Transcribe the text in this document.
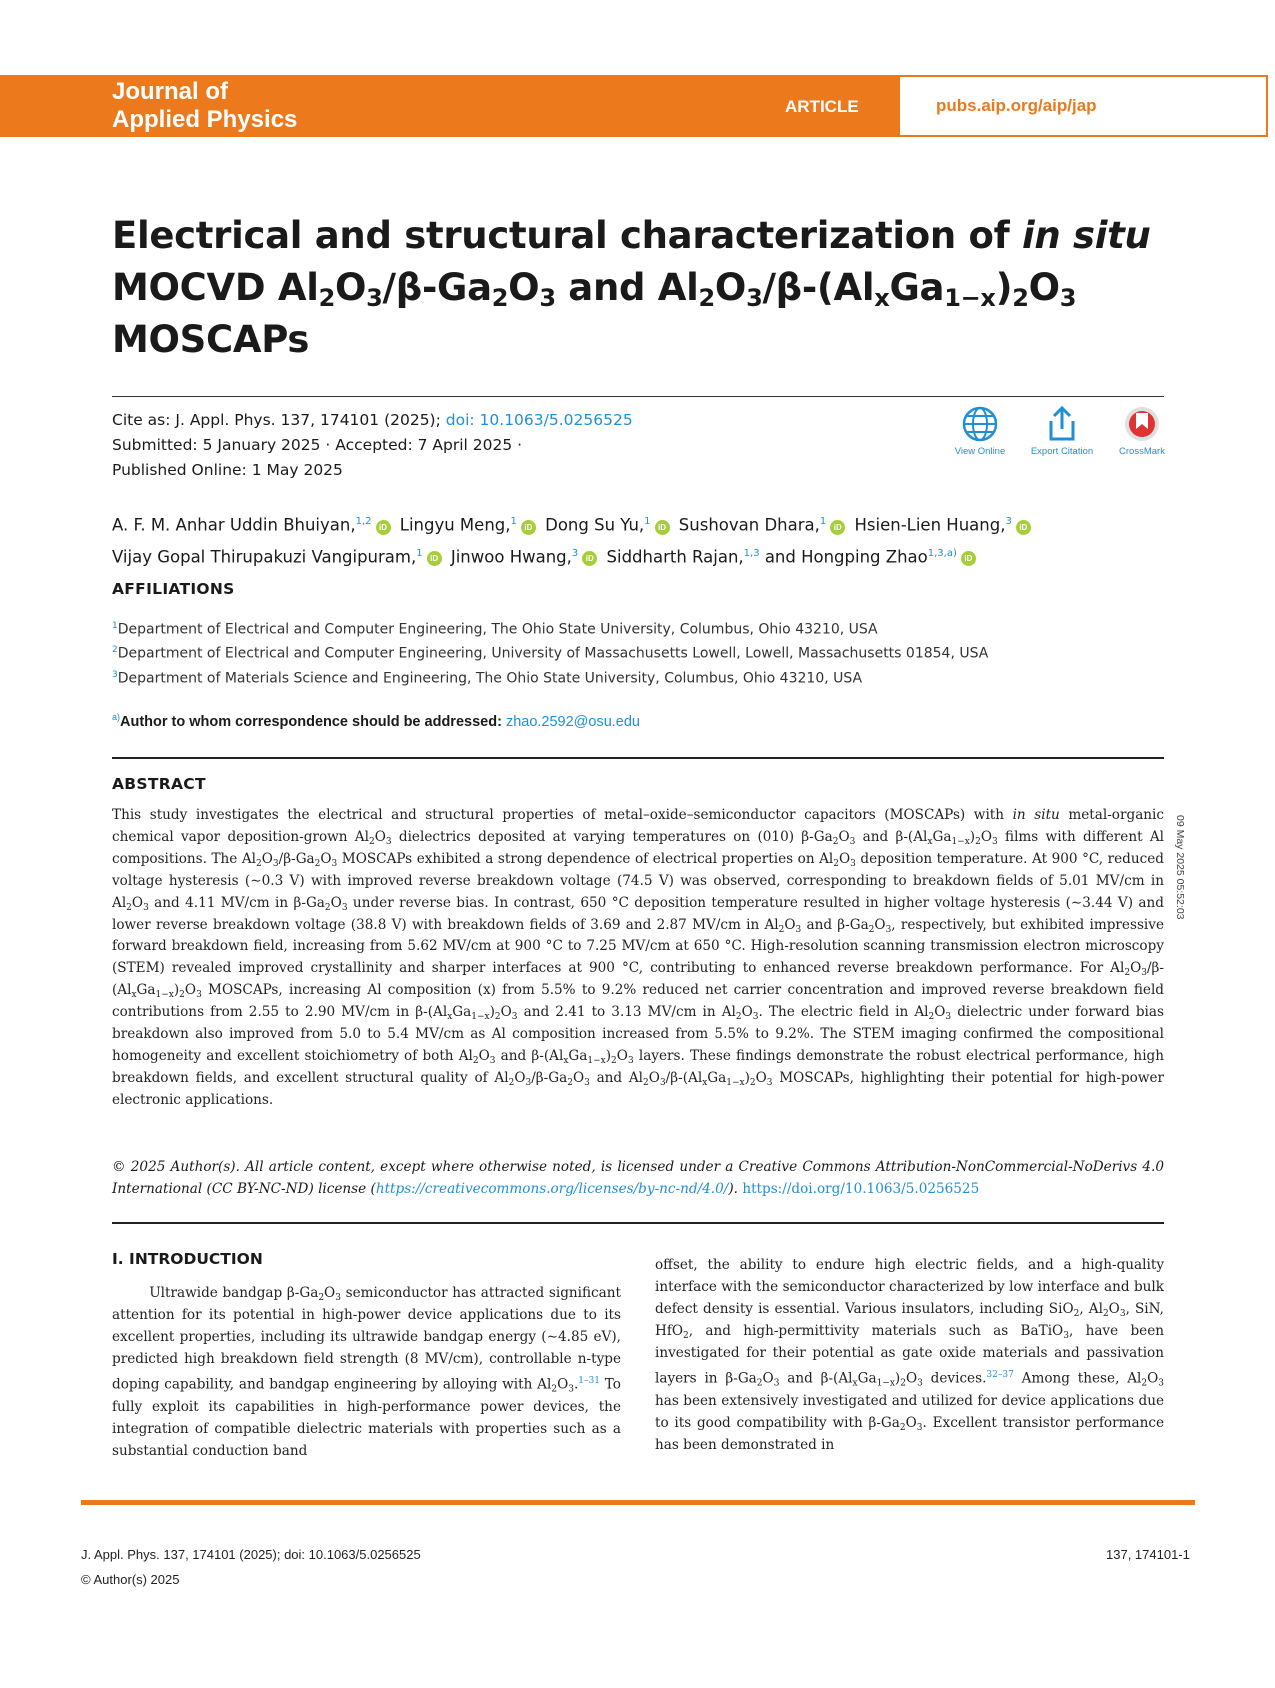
Journal of
Applied Physics	ARTICLE	pubs.aip.org/aip/jap
Electrical and structural characterization of in situ
MOCVD $Al_2O_3/\beta-Ga_2O_3$ and $Al_2O_3/\beta-(Al_xGa_{1-x})_2O_3$
MOSCAPs
Cite as: J. Appl. Phys. 137, 174101 (2025); doi: 10.1063/5.0256525
Submitted: 5 January 2025 · Accepted: 7 April 2025 ·
Published Online: 1 May 2025
View Online	Export Citation	CrossMark
A. F. M. Anhar Uddin Bhuiyan,$^{1,2}$ iD Lingyu Meng,$^1$ iD Dong Su Yu,$^1$ iD Sushovan Dhara,$^1$ iD Hsien-Lien Huang,$^3$ iD
Vijay Gopal Thirupakuzi Vangipuram,$^1$ iD Jinwoo Hwang,$^3$ iD Siddharth Rajan,$^{1,3}$ and Hongping Zhao$^{1,3,a)}$ iD
AFFILIATIONS
$^1$Department of Electrical and Computer Engineering, The Ohio State University, Columbus, Ohio 43210, USA
$^2$Department of Electrical and Computer Engineering, University of Massachusetts Lowell, Lowell, Massachusetts 01854, USA
$^3$Department of Materials Science and Engineering, The Ohio State University, Columbus, Ohio 43210, USA
$^{a)}$Author to whom correspondence should be addressed: zhao.2592@osu.edu
ABSTRACT
This study investigates the electrical and structural properties of metal–oxide–semiconductor capacitors (MOSCAPs) with in situ metal-organic chemical vapor deposition-grown $Al_2O_3$ dielectrics deposited at varying temperatures on (010) $\beta-Ga_2O_3$ and $\beta-(Al_xGa_{1-x})_2O_3$ films with different Al compositions. The $Al_2O_3/\beta-Ga_2O_3$ MOSCAPs exhibited a strong dependence of electrical properties on $Al_2O_3$ deposition temperature. At 900 °C, reduced voltage hysteresis (∼0.3 V) with improved reverse breakdown voltage (74.5 V) was observed, corresponding to breakdown fields of 5.01 MV/cm in $Al_2O_3$ and 4.11 MV/cm in $\beta-Ga_2O_3$ under reverse bias. In contrast, 650 °C deposition temperature resulted in higher voltage hysteresis (∼3.44 V) and lower reverse breakdown voltage (38.8 V) with breakdown fields of 3.69 and 2.87 MV/cm in $Al_2O_3$ and $\beta-Ga_2O_3$, respectively, but exhibited impressive forward breakdown field, increasing from 5.62 MV/cm at 900 °C to 7.25 MV/cm at 650 °C. High-resolution scanning transmission electron microscopy (STEM) revealed improved crystallinity and sharper interfaces at 900 °C, contributing to enhanced reverse breakdown performance. For $Al_2O_3/\beta-(Al_xGa_{1-x})_2O_3$ MOSCAPs, increasing Al composition (x) from 5.5% to 9.2% reduced net carrier concentration and improved reverse breakdown field contributions from 2.55 to 2.90 MV/cm in $\beta-(Al_xGa_{1-x})_2O_3$ and 2.41 to 3.13 MV/cm in $Al_2O_3$. The electric field in $Al_2O_3$ dielectric under forward bias breakdown also improved from 5.0 to 5.4 MV/cm as Al composition increased from 5.5% to 9.2%. The STEM imaging confirmed the compositional homogeneity and excellent stoichiometry of both $Al_2O_3$ and $\beta-(Al_xGa_{1-x})_2O_3$ layers. These findings demonstrate the robust electrical performance, high breakdown fields, and excellent structural quality of $Al_2O_3/\beta-Ga_2O_3$ and $Al_2O_3/\beta-(Al_xGa_{1-x})_2O_3$ MOSCAPs, highlighting their potential for high-power electronic applications.
© 2025 Author(s). All article content, except where otherwise noted, is licensed under a Creative Commons Attribution-NonCommercial-NoDerivs 4.0 International (CC BY-NC-ND) license (https://creativecommons.org/licenses/by-nc-nd/4.0/). https://doi.org/10.1063/5.0256525
09 May 2025 05:52:03
I. INTRODUCTION
Ultrawide bandgap $\beta-Ga_2O_3$ semiconductor has attracted significant attention for its potential in high-power device applications due to its excellent properties, including its ultrawide bandgap energy (∼4.85 eV), predicted high breakdown field strength (8 MV/cm), controllable n-type doping capability, and bandgap engineering by alloying with $Al_2O_3.^{1-31}$ To fully exploit its capabilities in high-performance power devices, the integration of compatible dielectric materials with properties such as a substantial conduction band
offset, the ability to endure high electric fields, and a high-quality interface with the semiconductor characterized by low interface and bulk defect density is essential. Various insulators, including SiO$_2$, $Al_2O_3$, SiN, HfO$_2$, and high-permittivity materials such as BaTiO$_3$, have been investigated for their potential as gate oxide materials and passivation layers in $\beta-Ga_2O_3$ and $\beta-(Al_xGa_{1-x})_2O_3$ devices.$^{32-37}$ Among these, $Al_2O_3$ has been extensively investigated and utilized for device applications due to its good compatibility with $\beta-Ga_2O_3$. Excellent transistor performance has been demonstrated in
J. Appl. Phys. 137, 174101 (2025); doi: 10.1063/5.0256525
© Author(s) 2025
137, 174101-1
